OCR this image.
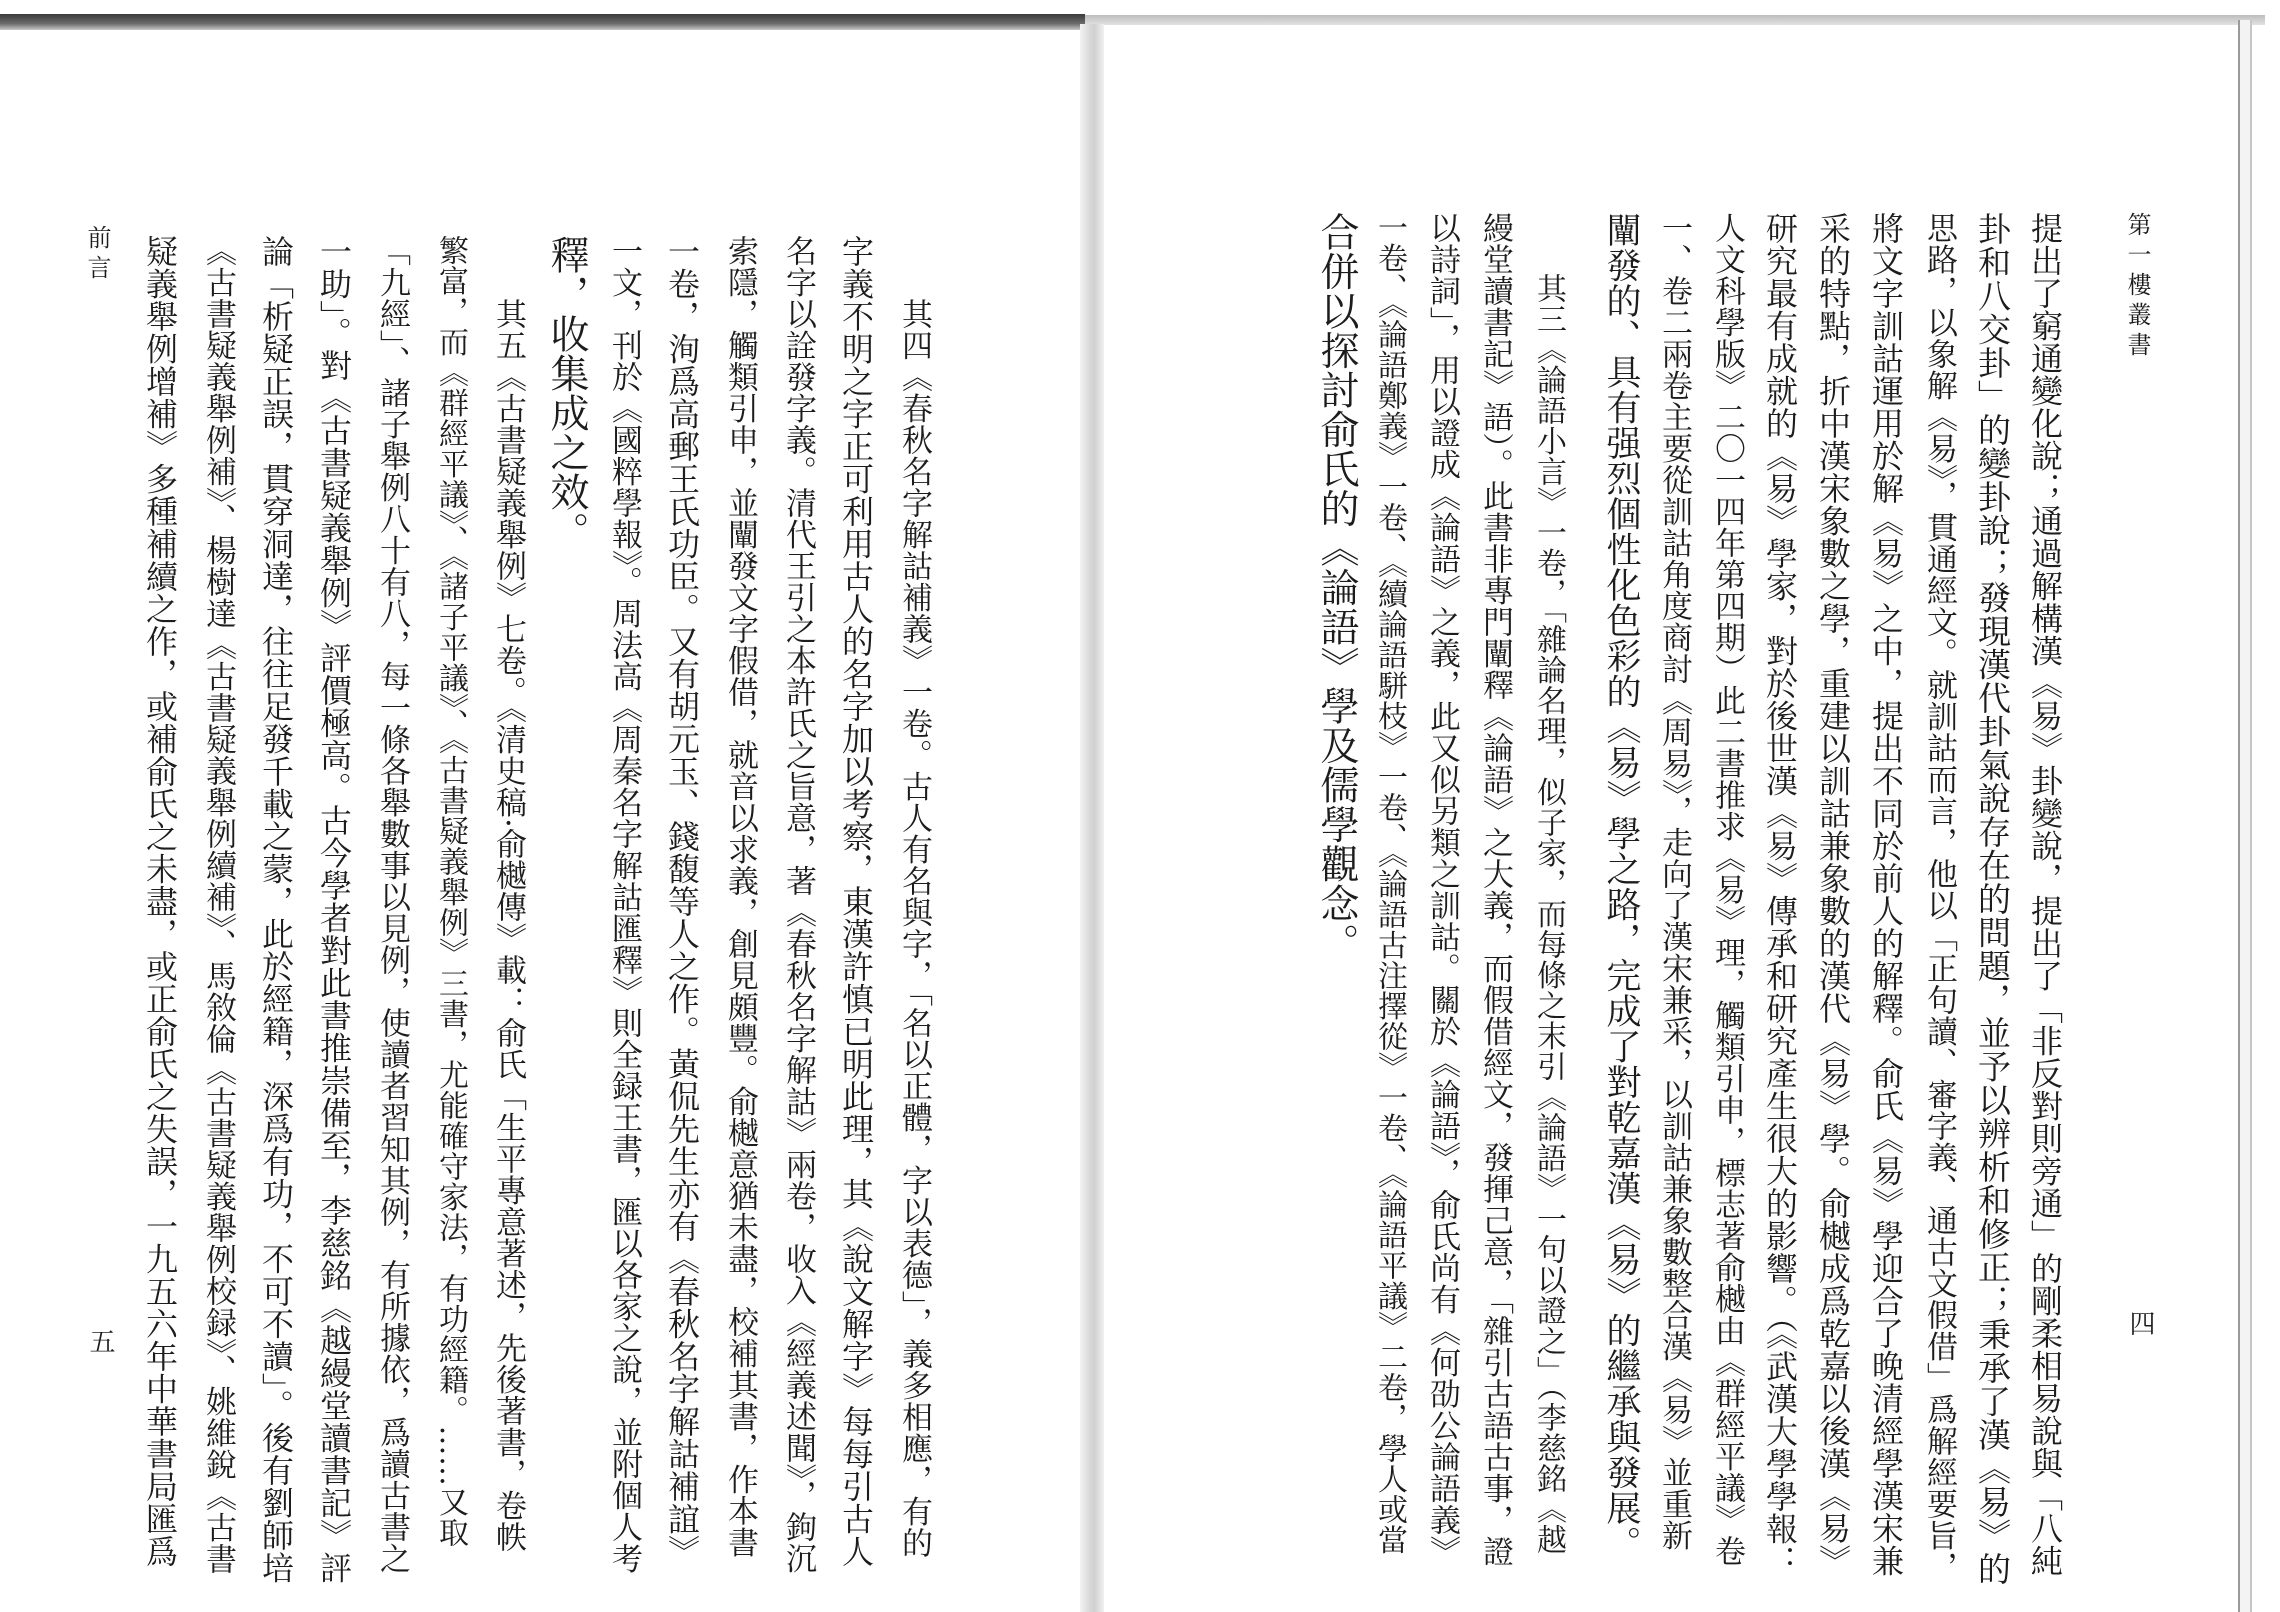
第一樓叢書
四
提出了窮通變化說；通過解構漢《易》卦變說，提出了「非反對則旁通」的剛柔相易說與「八純
卦和八交卦」的變卦說；發現漢代卦氣說存在的問題，並予以辨析和修正；秉承了漢《易》的
思路，以象解《易》，貫通經文。就訓詁而言，他以「正句讀、審字義、通古文假借」爲解經要旨，
將文字訓詁運用於解《易》之中，提出不同於前人的解釋。俞氏《易》學迎合了晚清經學漢宋兼
采的特點，折中漢宋象數之學，重建以訓詁兼象數的漢代《易》學。俞樾成爲乾嘉以後漢《易》
研究最有成就的《易》學家，對於後世漢《易》傳承和研究產生很大的影響。（《武漢大學學報：
人文科學版》二〇一四年第四期）此二書推求《易》理，觸類引申，標志著俞樾由《群經平議》卷
一、卷二兩卷主要從訓詁角度商討《周易》，走向了漢宋兼采，以訓詁兼象數整合漢《易》並重新
闡發的、具有强烈個性化色彩的《易》學之路，完成了對乾嘉漢《易》的繼承與發展。
　　其三《論語小言》一卷，「雜論名理，似子家，而每條之末引《論語》一句以證之」（李慈銘《越
縵堂讀書記》語）。此書非專門闡釋《論語》之大義，而假借經文，發揮己意，「雜引古語古事，證
以詩詞」，用以證成《論語》之義，此又似另類之訓詁。關於《論語》，俞氏尚有《何劭公論語義》
一卷、《論語鄭義》一卷、《續論語駢枝》一卷、《論語古注擇從》一卷、《論語平議》二卷，學人或當
合併以探討俞氏的《論語》學及儒學觀念。
　　其四《春秋名字解詁補義》一卷。古人有名與字，「名以正體，字以表德」，義多相應，有的
字義不明之字正可利用古人的名字加以考察，東漢許慎已明此理，其《說文解字》每每引古人
名字以詮發字義。清代王引之本許氏之旨意，著《春秋名字解詁》兩卷，收入《經義述聞》，鉤沉
索隱，觸類引申，並闡發文字假借，就音以求義，創見頗豐。俞樾意猶未盡，校補其書，作本書
一卷，洵爲高郵王氏功臣。又有胡元玉、錢馥等人之作。黃侃先生亦有《春秋名字解詁補誼》
一文，刊於《國粹學報》。周法高《周秦名字解詁匯釋》則全録王書，匯以各家之說，並附個人考
釋，收集成之效。
　　其五《古書疑義舉例》七卷。《清史稿·俞樾傳》載：俞氏「生平專意著述，先後著書，卷帙
繁富，而《群經平議》、《諸子平議》、《古書疑義舉例》三書，尤能確守家法，有功經籍。……又取
「九經」、諸子舉例八十有八，每一條各舉數事以見例，使讀者習知其例，有所據依，爲讀古書之
一助」。對《古書疑義舉例》評價極高。古今學者對此書推崇備至，李慈銘《越縵堂讀書記》評
論「析疑正誤，貫穿洞達，往往足發千載之蒙，此於經籍，深爲有功，不可不讀」。後有劉師培
《古書疑義舉例補》、楊樹達《古書疑義舉例續補》、馬敘倫《古書疑義舉例校録》、姚維銳《古書
疑義舉例增補》多種補續之作，或補俞氏之未盡，或正俞氏之失誤，一九五六年中華書局匯爲
前言
五
